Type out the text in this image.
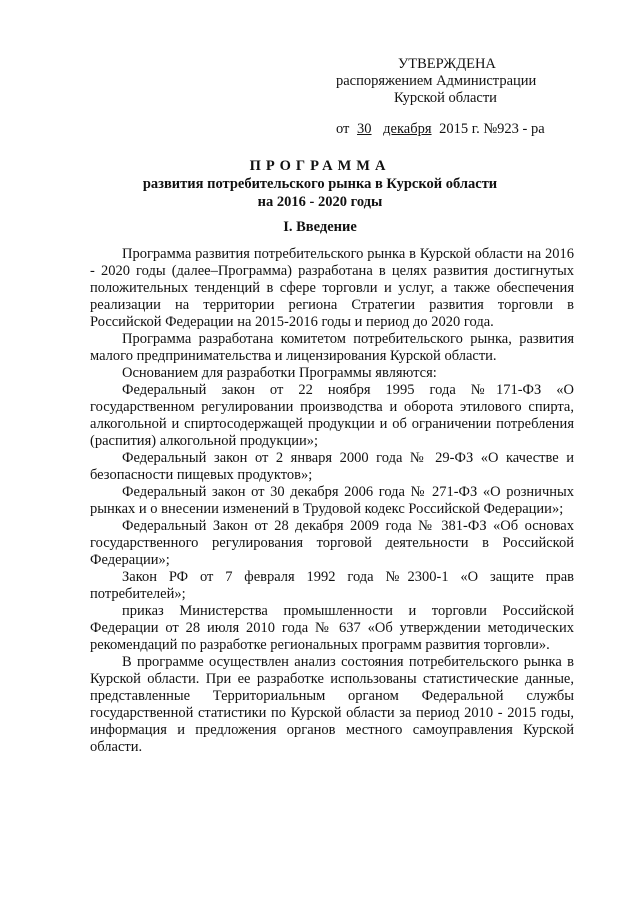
УТВЕРЖДЕНА
распоряжением Администрации
Курской области
от 30 декабря 2015 г. №923 - ра
ПРОГРАММА
развития потребительского рынка в Курской области
на 2016 - 2020 годы
I. Введение

Программа развития потребительского рынка в Курской области на 2016 - 2020 годы (далее–Программа) разработана в целях развития достигнутых положительных тенденций в сфере торговли и услуг, а также обеспечения реализации на территории региона Стратегии развития торговли в Российской Федерации на 2015-2016 годы и период до 2020 года.

Программа разработана комитетом потребительского рынка, развития малого предпринимательства и лицензирования Курской области.

Основанием для разработки Программы являются:

Федеральный закон от 22 ноября 1995 года №171-ФЗ «О государственном регулировании производства и оборота этилового спирта, алкогольной и спиртосодержащей продукции и об ограничении потребления (распития) алкогольной продукции»;

Федеральный закон от 2 января 2000 года № 29-ФЗ «О качестве и безопасности пищевых продуктов»;

Федеральный закон от 30 декабря 2006 года № 271-ФЗ «О розничных рынках и о внесении изменений в Трудовой кодекс Российской Федерации»;

Федеральный Закон от 28 декабря 2009 года № 381-ФЗ «Об основах государственного регулирования торговой деятельности в Российской Федерации»;

Закон РФ от 7 февраля 1992 года №2300-1 «О защите прав потребителей»;

приказ Министерства промышленности и торговли Российской Федерации от 28 июля 2010 года № 637 «Об утверждении методических рекомендаций по разработке региональных программ развития торговли».

В программе осуществлен анализ состояния потребительского рынка в Курской области. При ее разработке использованы статистические данные, представленные Территориальным органом Федеральной службы государственной статистики по Курской области за период 2010 - 2015 годы, информация и предложения органов местного самоуправления Курской области.
